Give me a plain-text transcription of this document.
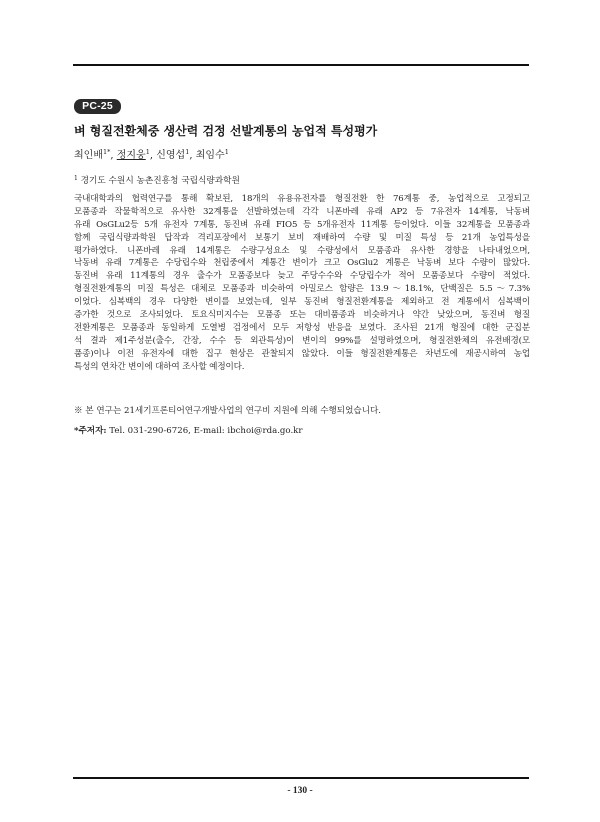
PC-25
벼 형질전환체중 생산력 검정 선발계통의 농업적 특성평가
최인배$^{1*}$, 정지웅$^1$, 신영섭$^1$, 최임수$^1$
$^1$ 경기도 수원시 농촌진흥청 국립식량과학원
국내대학과의 협력연구를 통해 확보된, 18개의 유용유전자를 형질전환 한 76계통 중, 농업적으로 고정되고
모품종과 작물학적으로 유사한 32계통을 선발하였는데 각각 니폰바레 유래 AP2 등 7유전자 14계통, 낙동벼
유래 OsGLu2등 5개 유전자 7계통, 동진벼 유래 FIO5 등 5개유전자 11계통 등이었다. 이들 32계통을 모품종과
함께 국립식량과학원 답작과 격리포장에서 보통기 보비 재배하여 수량 및 미질 특성 등 21개 농업특성을
평가하였다. 니폰바레 유래 14계통은 수량구성요소 및 수량성에서 모품종과 유사한 경향을 나타내었으며,
낙동벼 유래 7계통은 수당립수와 천립중에서 계통간 변이가 크고 OsGlu2 계통은 낙동벼 보다 수량이 많았다.
동진벼 유래 11계통의 경우 출수가 모품종보다 늦고 주당수수와 수당립수가 적어 모품종보다 수량이 적었다.
형질전환계통의 미질 특성은 대체로 모품종과 비슷하여 아밀로스 함량은 13.9～18.1%, 단백질은 5.5～7.3%
이었다. 심복백의 경우 다양한 변이를 보였는데, 일부 동진벼 형질전환계통을 제외하고 전 계통에서 심복백이
증가한 것으로 조사되었다. 토요식미지수는 모품종 또는 대비품종과 비슷하거나 약간 낮았으며, 동진벼 형질
전환계통은 모품종과 동일하게 도열병 검정에서 모두 저항성 반응을 보였다. 조사된 21개 형질에 대한 군집분
석 결과 제1주성분(출수, 간장, 수수 등 외관특성)이 변이의 99%를 설명하였으며, 형질전환체의 유전배경(모
품종)이나 이전 유전자에 대한 집구 현상은 관찰되지 않았다. 이들 형질전환계통은 차년도에 재공시하여 농업
특성의 연차간 변이에 대하여 조사할 예정이다.
※ 본 연구는 21세기프론티어연구개발사업의 연구비 지원에 의해 수행되었습니다.
*주저자: Tel. 031-290-6726, E-mail: ibchoi@rda.go.kr
- 130 -
